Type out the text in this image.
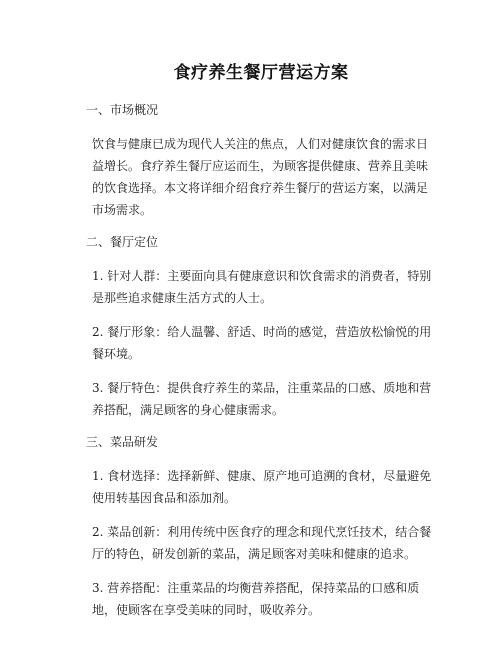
食疗养生餐厅营运方案
一、市场概况

饮食与健康已成为现代人关注的焦点，人们对健康饮食的需求日益增长。食疗养生餐厅应运而生，为顾客提供健康、营养且美味的饮食选择。本文将详细介绍食疗养生餐厅的营运方案，以满足市场需求。

二、餐厅定位

1. 针对人群：主要面向具有健康意识和饮食需求的消费者，特别是那些追求健康生活方式的人士。

2. 餐厅形象：给人温馨、舒适、时尚的感觉，营造放松愉悦的用餐环境。

3. 餐厅特色：提供食疗养生的菜品，注重菜品的口感、质地和营养搭配，满足顾客的身心健康需求。

三、菜品研发

1. 食材选择：选择新鲜、健康、原产地可追溯的食材，尽量避免使用转基因食品和添加剂。

2. 菜品创新：利用传统中医食疗的理念和现代烹饪技术，结合餐厅的特色，研发创新的菜品，满足顾客对美味和健康的追求。

3. 营养搭配：注重菜品的均衡营养搭配，保持菜品的口感和质地，使顾客在享受美味的同时，吸收养分。
